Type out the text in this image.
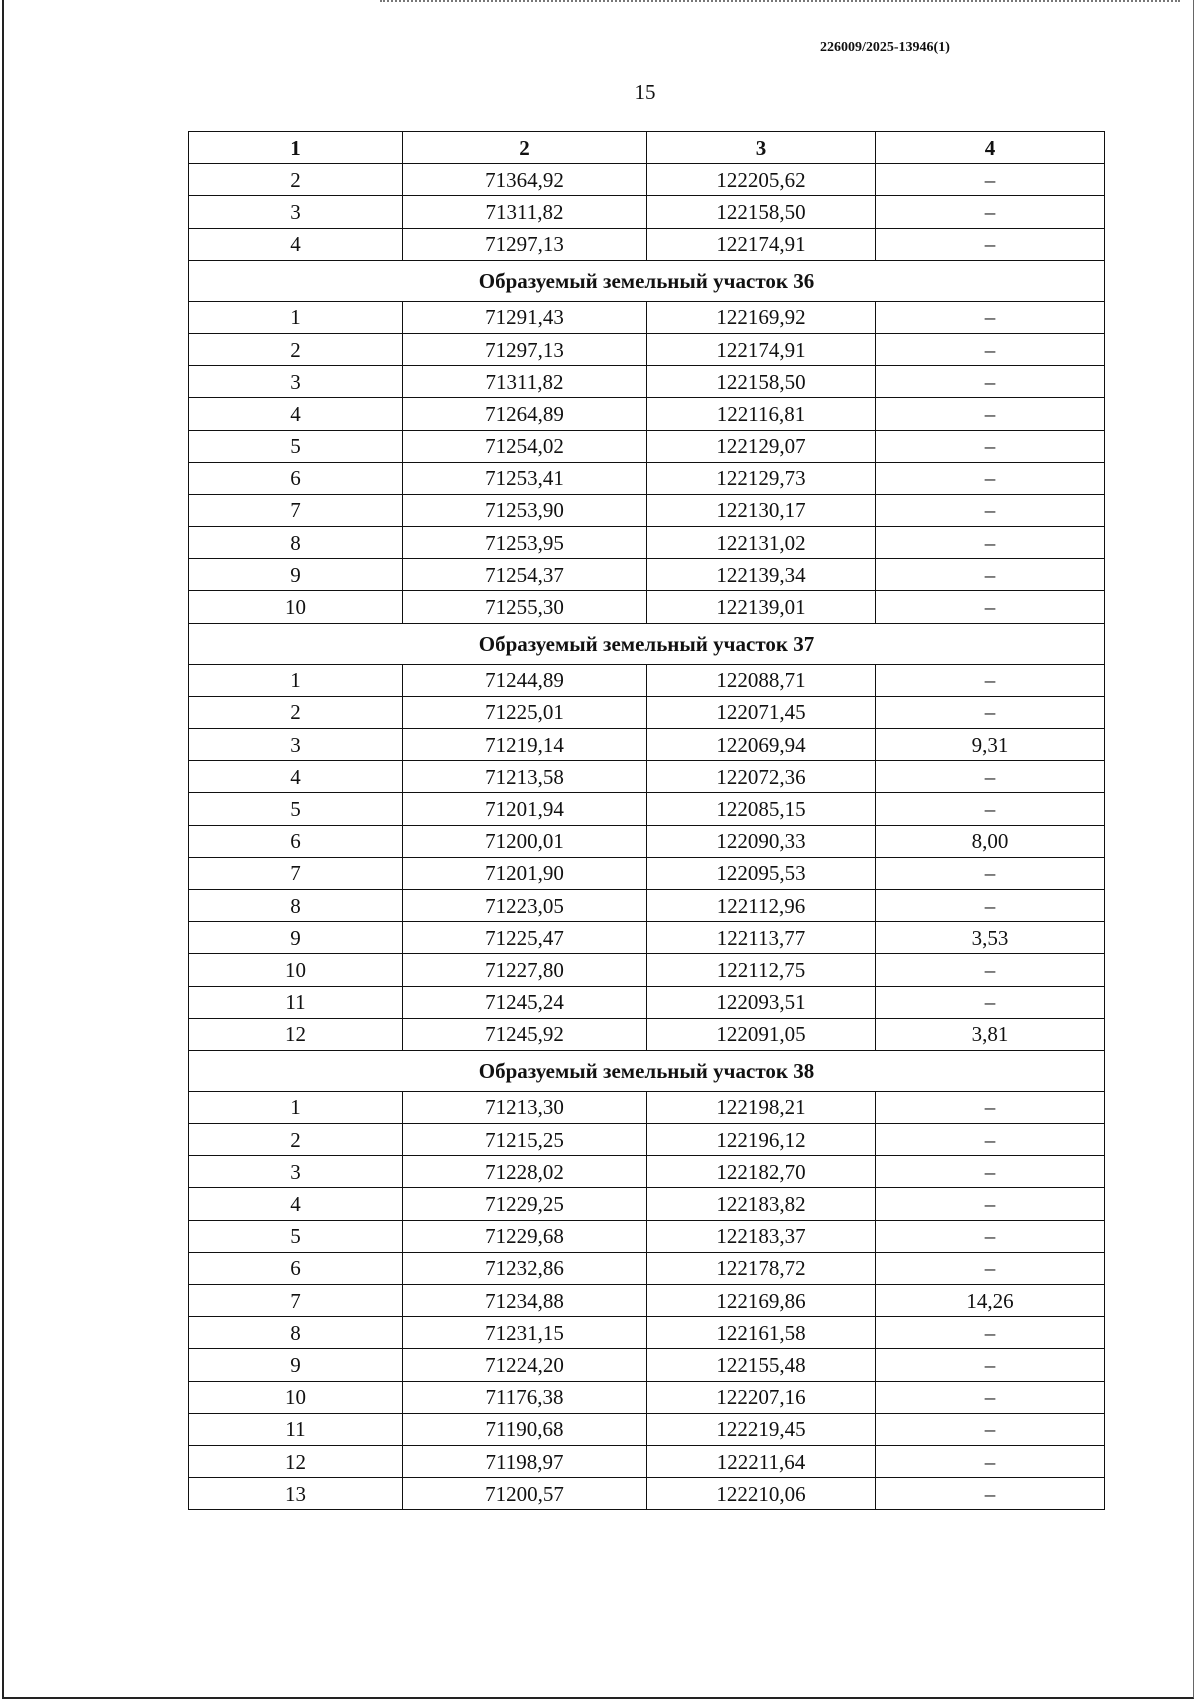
226009/2025-13946(1)
15
1	2	3	4
2	71364,92	122205,62	–
3	71311,82	122158,50	–
4	71297,13	122174,91	–
Образуемый земельный участок 36			
1	71291,43	122169,92	–
2	71297,13	122174,91	–
3	71311,82	122158,50	–
4	71264,89	122116,81	–
5	71254,02	122129,07	–
6	71253,41	122129,73	–
7	71253,90	122130,17	–
8	71253,95	122131,02	–
9	71254,37	122139,34	–
10	71255,30	122139,01	–
Образуемый земельный участок 37			
1	71244,89	122088,71	–
2	71225,01	122071,45	–
3	71219,14	122069,94	9,31
4	71213,58	122072,36	–
5	71201,94	122085,15	–
6	71200,01	122090,33	8,00
7	71201,90	122095,53	–
8	71223,05	122112,96	–
9	71225,47	122113,77	3,53
10	71227,80	122112,75	–
11	71245,24	122093,51	–
12	71245,92	122091,05	3,81
Образуемый земельный участок 38			
1	71213,30	122198,21	–
2	71215,25	122196,12	–
3	71228,02	122182,70	–
4	71229,25	122183,82	–
5	71229,68	122183,37	–
6	71232,86	122178,72	–
7	71234,88	122169,86	14,26
8	71231,15	122161,58	–
9	71224,20	122155,48	–
10	71176,38	122207,16	–
11	71190,68	122219,45	–
12	71198,97	122211,64	–
13	71200,57	122210,06	–
